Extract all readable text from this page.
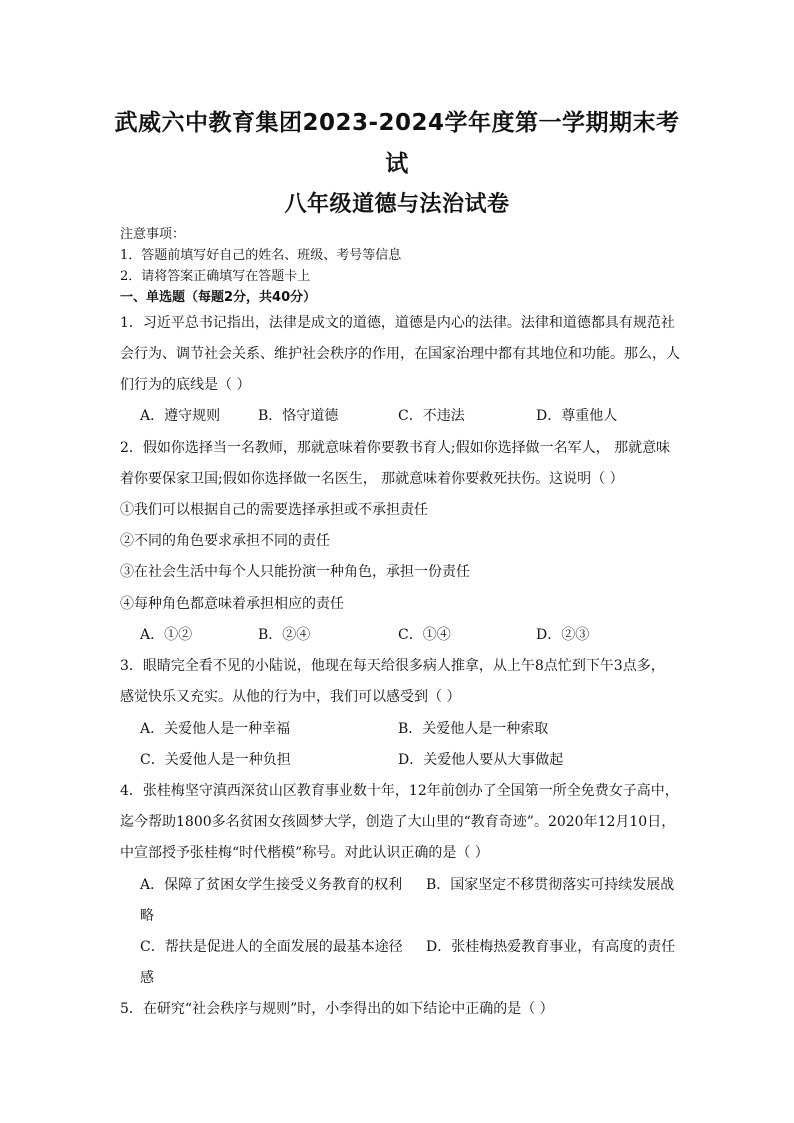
武威六中教育集团2023-2024学年度第一学期期末考
试
八年级道德与法治试卷
注意事项：
1．答题前填写好自己的姓名、班级、考号等信息
2．请将答案正确填写在答题卡上
一、单选题（每题2分，共40分）
1．习近平总书记指出，法律是成文的道德，道德是内心的法律。法律和道德都具有规范社
会行为、调节社会关系、维护社会秩序的作用，在国家治理中都有其地位和功能。那么，人
们行为的底线是（ ）
A．遵守规则	B．恪守道德	C．不违法	D．尊重他人
2．假如你选择当一名教师，那就意味着你要教书育人;假如你选择做一名军人， 那就意味
着你要保家卫国;假如你选择做一名医生， 那就意味着你要救死扶伤。这说明（ ）
①我们可以根据自己的需要选择承担或不承担责任
②不同的角色要求承担不同的责任
③在社会生活中每个人只能扮演一种角色，承担一份责任
④每种角色都意味着承担相应的责任
A．①②	B．②④	C．①④	D．②③
3．眼睛完全看不见的小陆说，他现在每天给很多病人推拿，从上午8点忙到下午3点多，
感觉快乐又充实。从他的行为中，我们可以感受到（ ）
A．关爱他人是一种幸福	B．关爱他人是一种索取
C．关爱他人是一种负担	D．关爱他人要从大事做起
4．张桂梅坚守滇西深贫山区教育事业数十年，12年前创办了全国第一所全免费女子高中，
迄今帮助1800多名贫困女孩圆梦大学，创造了大山里的“教育奇迹”。2020年12月10日，
中宣部授予张桂梅“时代楷模”称号。对此认识正确的是（ ）
A．保障了贫困女学生接受义务教育的权利 B．国家坚定不移贯彻落实可持续发展战
略
C．帮扶是促进人的全面发展的最基本途径 D．张桂梅热爱教育事业，有高度的责任
感
5．在研究“社会秩序与规则”时，小李得出的如下结论中正确的是（ ）
